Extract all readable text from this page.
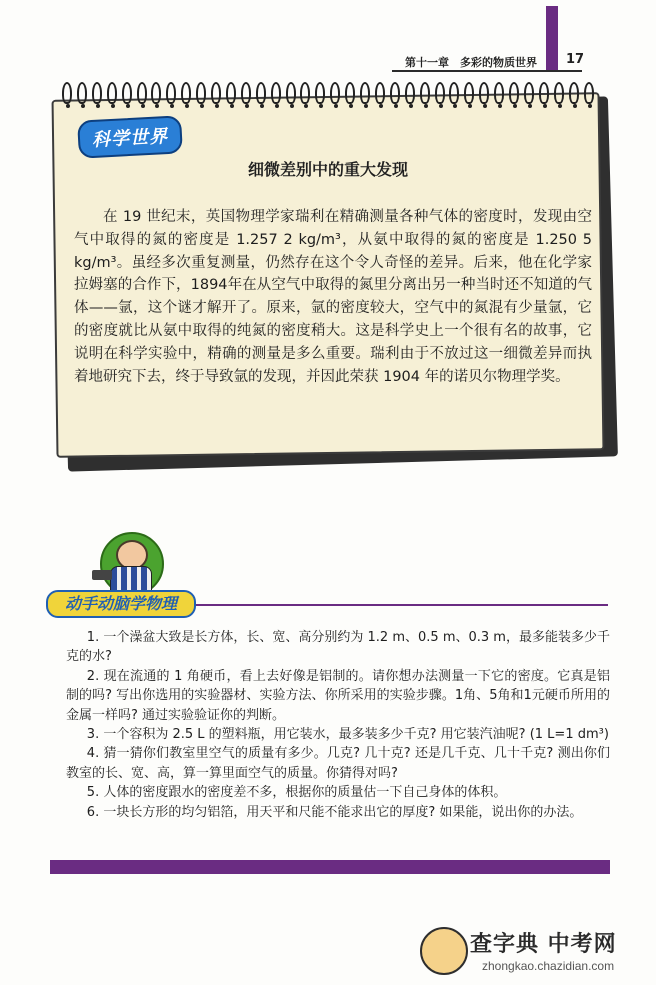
第十一章　多彩的物质世界 17
科学世界
细微差别中的重大发现

在 19 世纪末，英国物理学家瑞利在精确测量各种气体的密度时，发现由空气中取得的氮的密度是 1.257 2 kg/m³，从氨中取得的氮的密度是 1.250 5 kg/m³。虽经多次重复测量，仍然存在这个令人奇怪的差异。后来，他在化学家拉姆塞的合作下，1894年在从空气中取得的氮里分离出另一种当时还不知道的气体——氩，这个谜才解开了。原来，氩的密度较大，空气中的氮混有少量氩，它的密度就比从氨中取得的纯氮的密度稍大。这是科学史上一个很有名的故事，它说明在科学实验中，精确的测量是多么重要。瑞利由于不放过这一细微差异而执着地研究下去，终于导致氩的发现，并因此荣获 1904 年的诺贝尔物理学奖。

动手动脑学物理

1. 一个澡盆大致是长方体，长、宽、高分别约为 1.2 m、0.5 m、0.3 m，最多能装多少千克的水?

2. 现在流通的 1 角硬币，看上去好像是铝制的。请你想办法测量一下它的密度。它真是铝制的吗? 写出你选用的实验器材、实验方法、你所采用的实验步骤。1角、5角和1元硬币所用的金属一样吗? 通过实验验证你的判断。

3. 一个容积为 2.5 L 的塑料瓶，用它装水，最多装多少千克? 用它装汽油呢? (1 L=1 dm³)

4. 猜一猜你们教室里空气的质量有多少。几克? 几十克? 还是几千克、几十千克? 测出你们教室的长、宽、高，算一算里面空气的质量。你猜得对吗?

5. 人体的密度跟水的密度差不多，根据你的质量估一下自己身体的体积。

6. 一块长方形的均匀铝箔，用天平和尺能不能求出它的厚度? 如果能，说出你的办法。

查字典 中考网
zhongkao.chazidian.com
